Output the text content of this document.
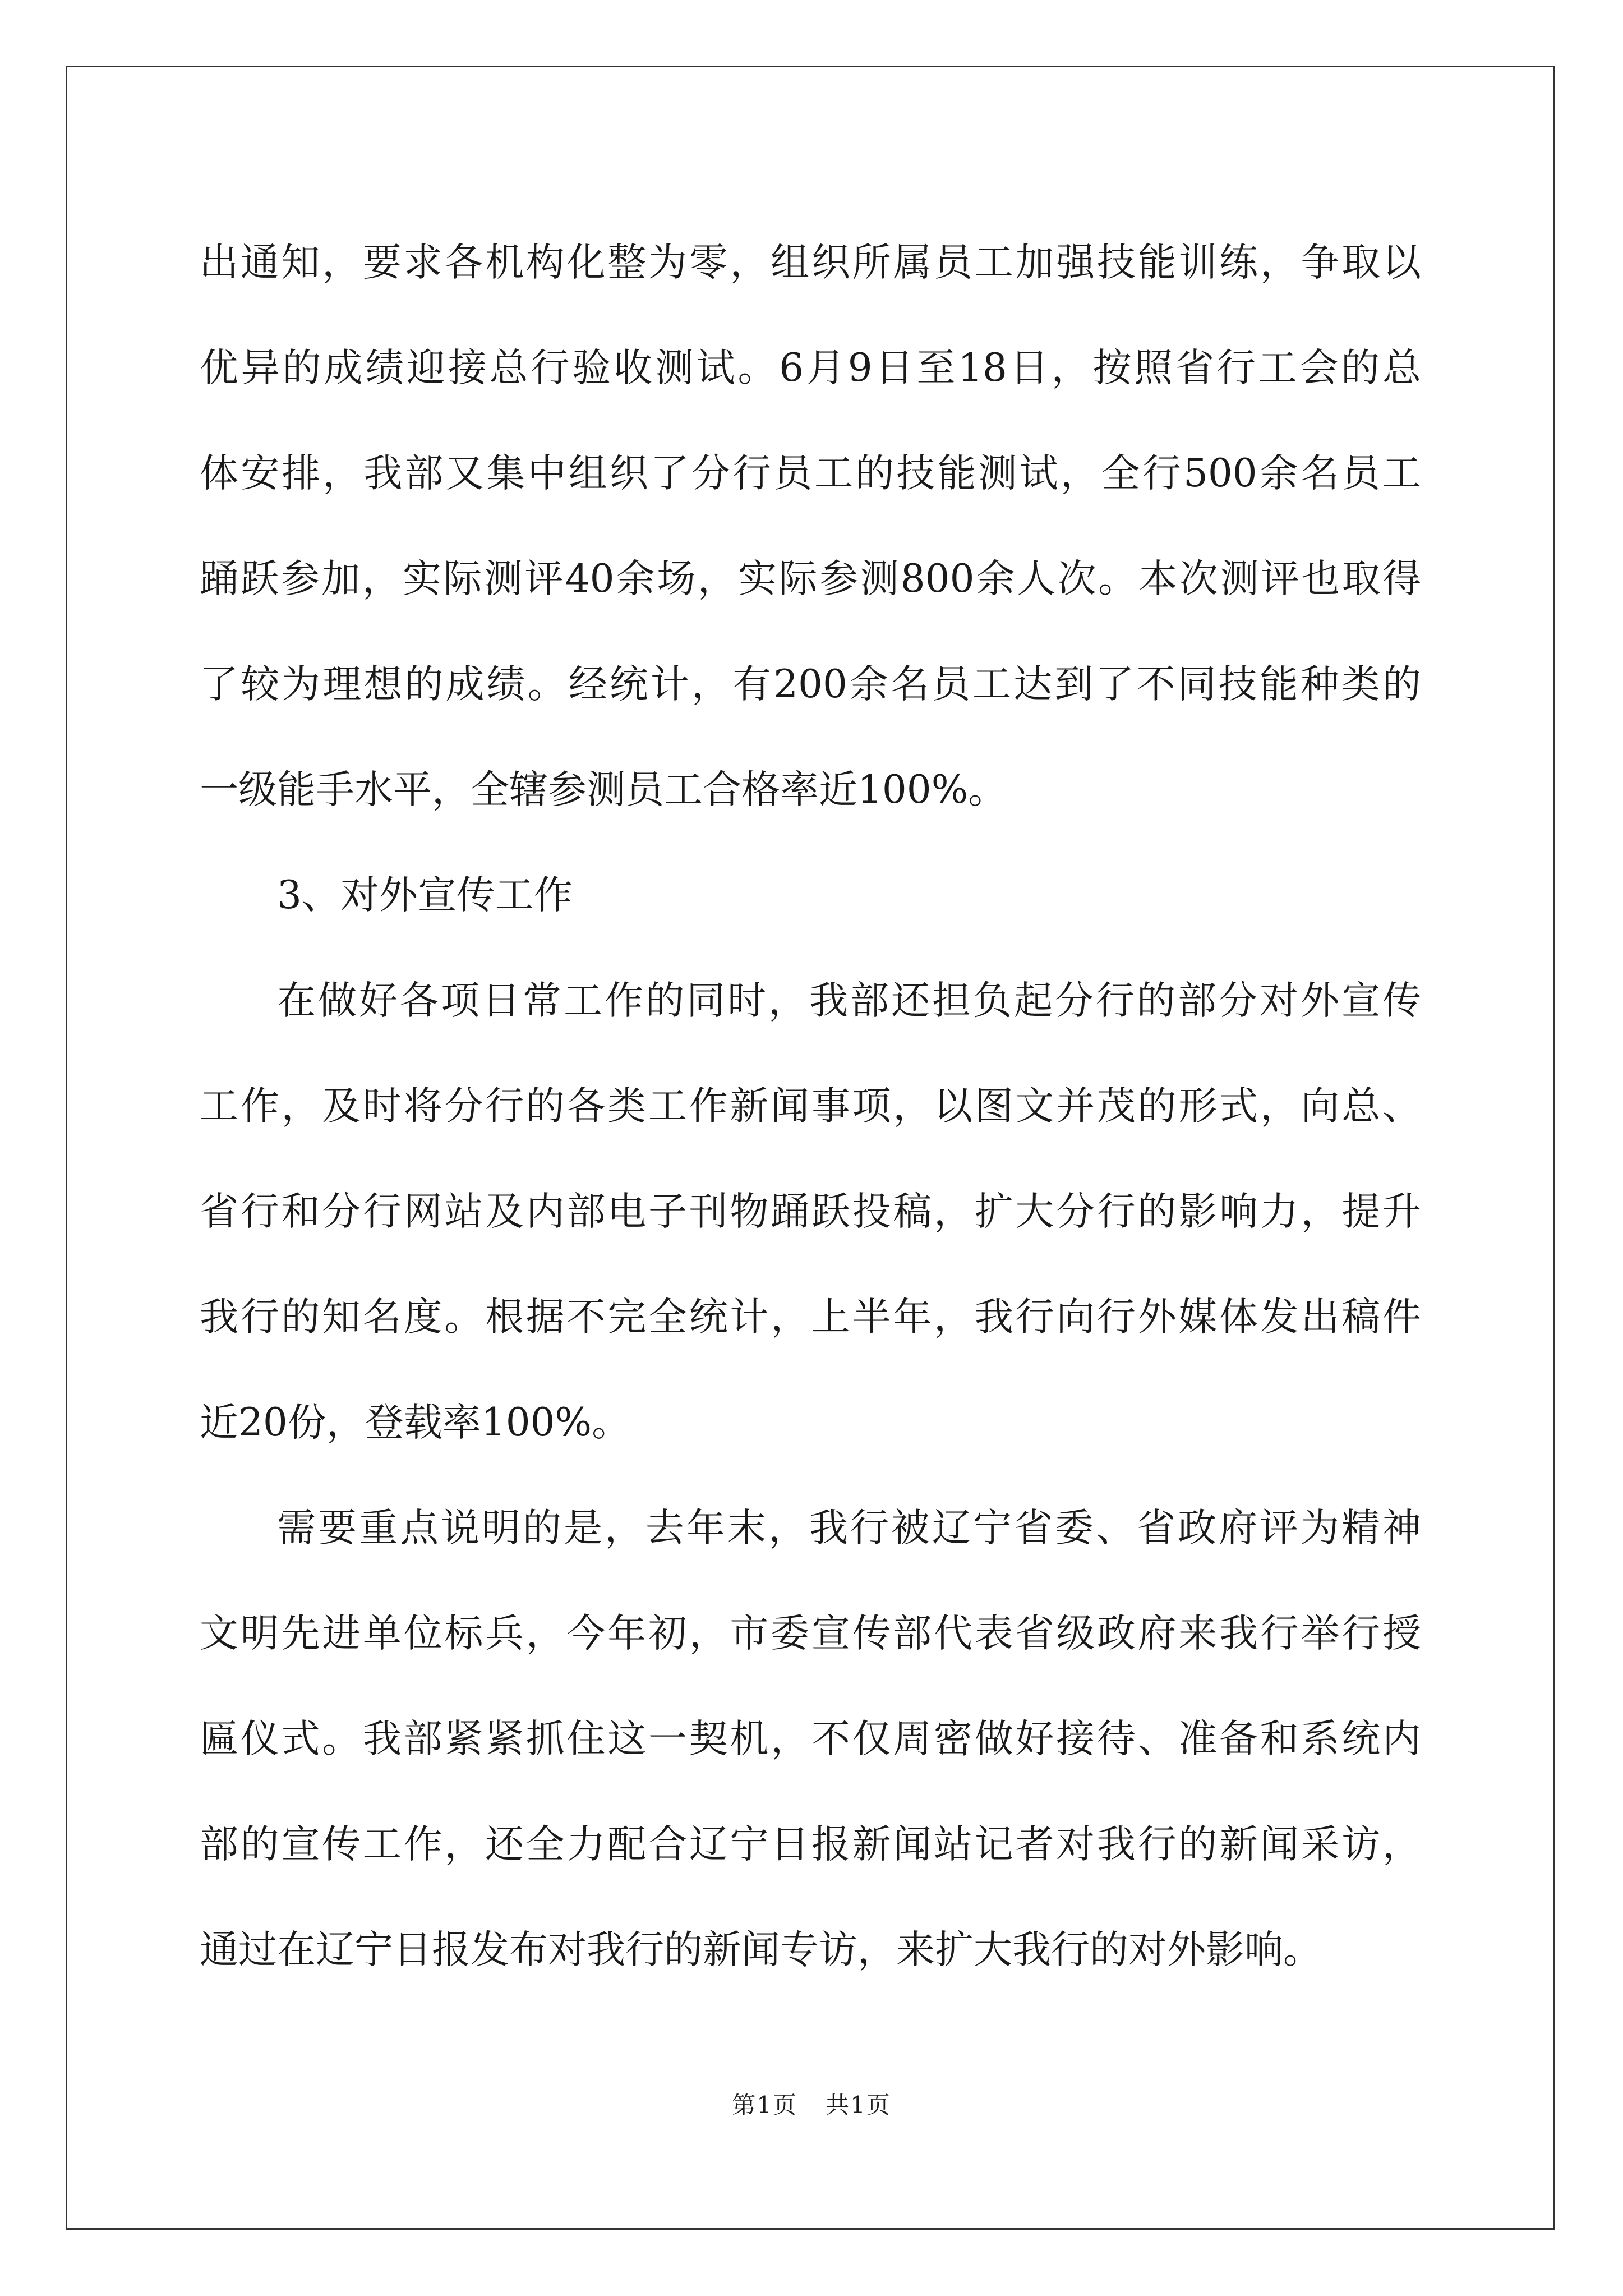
出通知，要求各机构化整为零，组织所属员工加强技能训练，争取以
优异的成绩迎接总行验收测试。6月9日至18日，按照省行工会的总
体安排，我部又集中组织了分行员工的技能测试，全行500余名员工
踊跃参加，实际测评40余场，实际参测800余人次。本次测评也取得
了较为理想的成绩。经统计，有200余名员工达到了不同技能种类的
一级能手水平，全辖参测员工合格率近100%。
3、对外宣传工作
在做好各项日常工作的同时，我部还担负起分行的部分对外宣传
工作，及时将分行的各类工作新闻事项，以图文并茂的形式，向总、
省行和分行网站及内部电子刊物踊跃投稿，扩大分行的影响力，提升
我行的知名度。根据不完全统计，上半年，我行向行外媒体发出稿件
近20份，登载率100%。
需要重点说明的是，去年末，我行被辽宁省委、省政府评为精神
文明先进单位标兵，今年初，市委宣传部代表省级政府来我行举行授
匾仪式。我部紧紧抓住这一契机，不仅周密做好接待、准备和系统内
部的宣传工作，还全力配合辽宁日报新闻站记者对我行的新闻采访，
通过在辽宁日报发布对我行的新闻专访，来扩大我行的对外影响。
第1页 共1页
